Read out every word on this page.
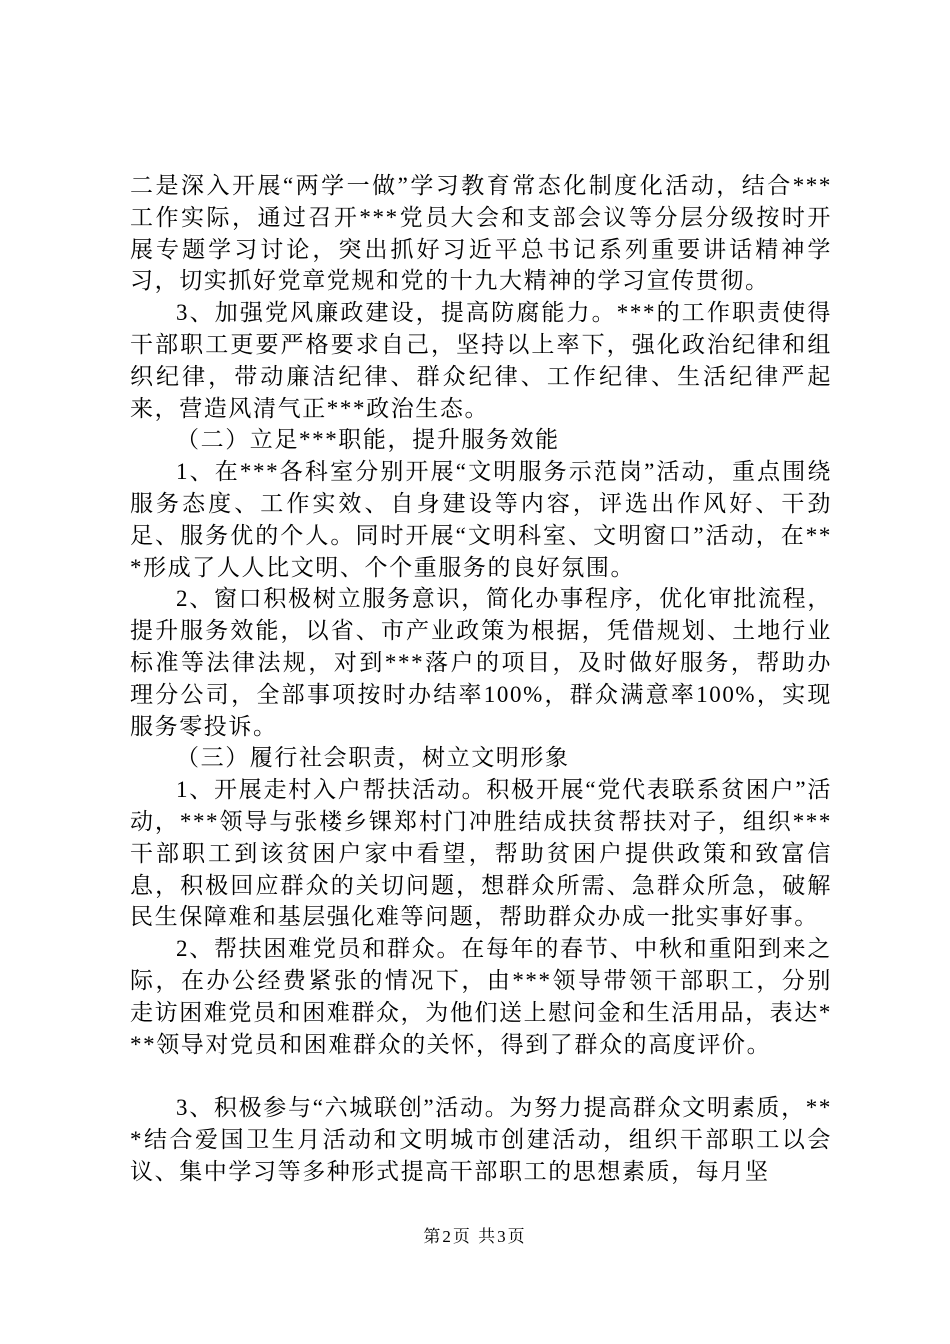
二是深入开展“两学一做”学习教育常态化制度化活动，结合***工作实际，通过召开***党员大会和支部会议等分层分级按时开展专题学习讨论，突出抓好习近平总书记系列重要讲话精神学习，切实抓好党章党规和党的十九大精神的学习宣传贯彻。

3、加强党风廉政建设，提高防腐能力。***的工作职责使得干部职工更要严格要求自己，坚持以上率下，强化政治纪律和组织纪律，带动廉洁纪律、群众纪律、工作纪律、生活纪律严起来，营造风清气正***政治生态。

（二）立足***职能，提升服务效能

1、在***各科室分别开展“文明服务示范岗”活动，重点围绕服务态度、工作实效、自身建设等内容，评选出作风好、干劲足、服务优的个人。同时开展“文明科室、文明窗口”活动，在***形成了人人比文明、个个重服务的良好氛围。

2、窗口积极树立服务意识，简化办事程序，优化审批流程，提升服务效能，以省、市产业政策为根据，凭借规划、土地行业标准等法律法规，对到***落户的项目，及时做好服务，帮助办理分公司，全部事项按时办结率100%，群众满意率100%，实现服务零投诉。

（三）履行社会职责，树立文明形象

1、开展走村入户帮扶活动。积极开展“党代表联系贫困户”活动，***领导与张楼乡锞郑村门冲胜结成扶贫帮扶对子，组织***干部职工到该贫困户家中看望，帮助贫困户提供政策和致富信息，积极回应群众的关切问题，想群众所需、急群众所急，破解民生保障难和基层强化难等问题，帮助群众办成一批实事好事。

2、帮扶困难党员和群众。在每年的春节、中秋和重阳到来之际，在办公经费紧张的情况下，由***领导带领干部职工，分别走访困难党员和困难群众，为他们送上慰问金和生活用品，表达***领导对党员和困难群众的关怀，得到了群众的高度评价。

3、积极参与“六城联创”活动。为努力提高群众文明素质，***结合爱国卫生月活动和文明城市创建活动，组织干部职工以会议、集中学习等多种形式提高干部职工的思想素质，每月坚

第2页 共3页
